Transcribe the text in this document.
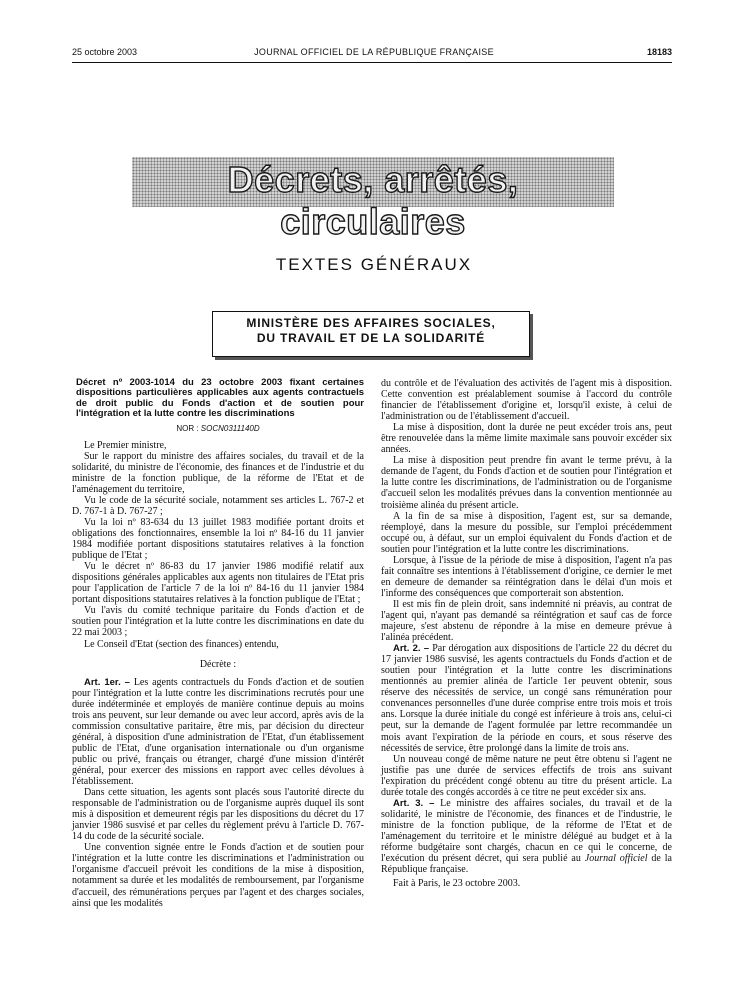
25 octobre 2003	JOURNAL OFFICIEL DE LA RÉPUBLIQUE FRANÇAISE	18183
Décrets, arrêtés, circulaires
TEXTES GÉNÉRAUX
MINISTÈRE DES AFFAIRES SOCIALES,
DU TRAVAIL ET DE LA SOLIDARITÉ

Décret nº 2003-1014 du 23 octobre 2003 fixant certaines dispositions particulières applicables aux agents contractuels de droit public du Fonds d'action et de soutien pour l'intégration et la lutte contre les discriminations

NOR : SOCN0311140D

Le Premier ministre,

Sur le rapport du ministre des affaires sociales, du travail et de la solidarité, du ministre de l'économie, des finances et de l'industrie et du ministre de la fonction publique, de la réforme de l'Etat et de l'aménagement du territoire,

Vu le code de la sécurité sociale, notamment ses articles L. 767-2 et D. 767-1 à D. 767-27 ;

Vu la loi nº 83-634 du 13 juillet 1983 modifiée portant droits et obligations des fonctionnaires, ensemble la loi nº 84-16 du 11 janvier 1984 modifiée portant dispositions statutaires relatives à la fonction publique de l'Etat ;

Vu le décret nº 86-83 du 17 janvier 1986 modifié relatif aux dispositions générales applicables aux agents non titulaires de l'Etat pris pour l'application de l'article 7 de la loi nº 84-16 du 11 janvier 1984 portant dispositions statutaires relatives à la fonction publique de l'Etat ;

Vu l'avis du comité technique paritaire du Fonds d'action et de soutien pour l'intégration et la lutte contre les discriminations en date du 22 mai 2003 ;

Le Conseil d'Etat (section des finances) entendu,

Décrète :

Art. 1er. – Les agents contractuels du Fonds d'action et de soutien pour l'intégration et la lutte contre les discriminations recrutés pour une durée indéterminée et employés de manière continue depuis au moins trois ans peuvent, sur leur demande ou avec leur accord, après avis de la commission consultative paritaire, être mis, par décision du directeur général, à disposition d'une administration de l'Etat, d'un établissement public de l'Etat, d'une organisation internationale ou d'un organisme public ou privé, français ou étranger, chargé d'une mission d'intérêt général, pour exercer des missions en rapport avec celles dévolues à l'établissement.

Dans cette situation, les agents sont placés sous l'autorité directe du responsable de l'administration ou de l'organisme auprès duquel ils sont mis à disposition et demeurent régis par les dispositions du décret du 17 janvier 1986 susvisé et par celles du règlement prévu à l'article D. 767-14 du code de la sécurité sociale.

Une convention signée entre le Fonds d'action et de soutien pour l'intégration et la lutte contre les discriminations et l'administration ou l'organisme d'accueil prévoit les conditions de la mise à disposition, notamment sa durée et les modalités de remboursement, par l'organisme d'accueil, des rémunérations perçues par l'agent et des charges sociales, ainsi que les modalités

du contrôle et de l'évaluation des activités de l'agent mis à disposition. Cette convention est préalablement soumise à l'accord du contrôle financier de l'établissement d'origine et, lorsqu'il existe, à celui de l'administration ou de l'établissement d'accueil.

La mise à disposition, dont la durée ne peut excéder trois ans, peut être renouvelée dans la même limite maximale sans pouvoir excéder six années.

La mise à disposition peut prendre fin avant le terme prévu, à la demande de l'agent, du Fonds d'action et de soutien pour l'intégration et la lutte contre les discriminations, de l'administration ou de l'organisme d'accueil selon les modalités prévues dans la convention mentionnée au troisième alinéa du présent article.

A la fin de sa mise à disposition, l'agent est, sur sa demande, réemployé, dans la mesure du possible, sur l'emploi précédemment occupé ou, à défaut, sur un emploi équivalent du Fonds d'action et de soutien pour l'intégration et la lutte contre les discriminations.

Lorsque, à l'issue de la période de mise à disposition, l'agent n'a pas fait connaître ses intentions à l'établissement d'origine, ce dernier le met en demeure de demander sa réintégration dans le délai d'un mois et l'informe des conséquences que comporterait son abstention.

Il est mis fin de plein droit, sans indemnité ni préavis, au contrat de l'agent qui, n'ayant pas demandé sa réintégration et sauf cas de force majeure, s'est abstenu de répondre à la mise en demeure prévue à l'alinéa précédent.

Art. 2. – Par dérogation aux dispositions de l'article 22 du décret du 17 janvier 1986 susvisé, les agents contractuels du Fonds d'action et de soutien pour l'intégration et la lutte contre les discriminations mentionnés au premier alinéa de l'article 1er peuvent obtenir, sous réserve des nécessités de service, un congé sans rémunération pour convenances personnelles d'une durée comprise entre trois mois et trois ans. Lorsque la durée initiale du congé est inférieure à trois ans, celui-ci peut, sur la demande de l'agent formulée par lettre recommandée un mois avant l'expiration de la période en cours, et sous réserve des nécessités de service, être prolongé dans la limite de trois ans.

Un nouveau congé de même nature ne peut être obtenu si l'agent ne justifie pas une durée de services effectifs de trois ans suivant l'expiration du précédent congé obtenu au titre du présent article. La durée totale des congés accordés à ce titre ne peut excéder six ans.

Art. 3. – Le ministre des affaires sociales, du travail et de la solidarité, le ministre de l'économie, des finances et de l'industrie, le ministre de la fonction publique, de la réforme de l'Etat et de l'aménagement du territoire et le ministre délégué au budget et à la réforme budgétaire sont chargés, chacun en ce qui le concerne, de l'exécution du présent décret, qui sera publié au Journal officiel de la République française.

Fait à Paris, le 23 octobre 2003.
